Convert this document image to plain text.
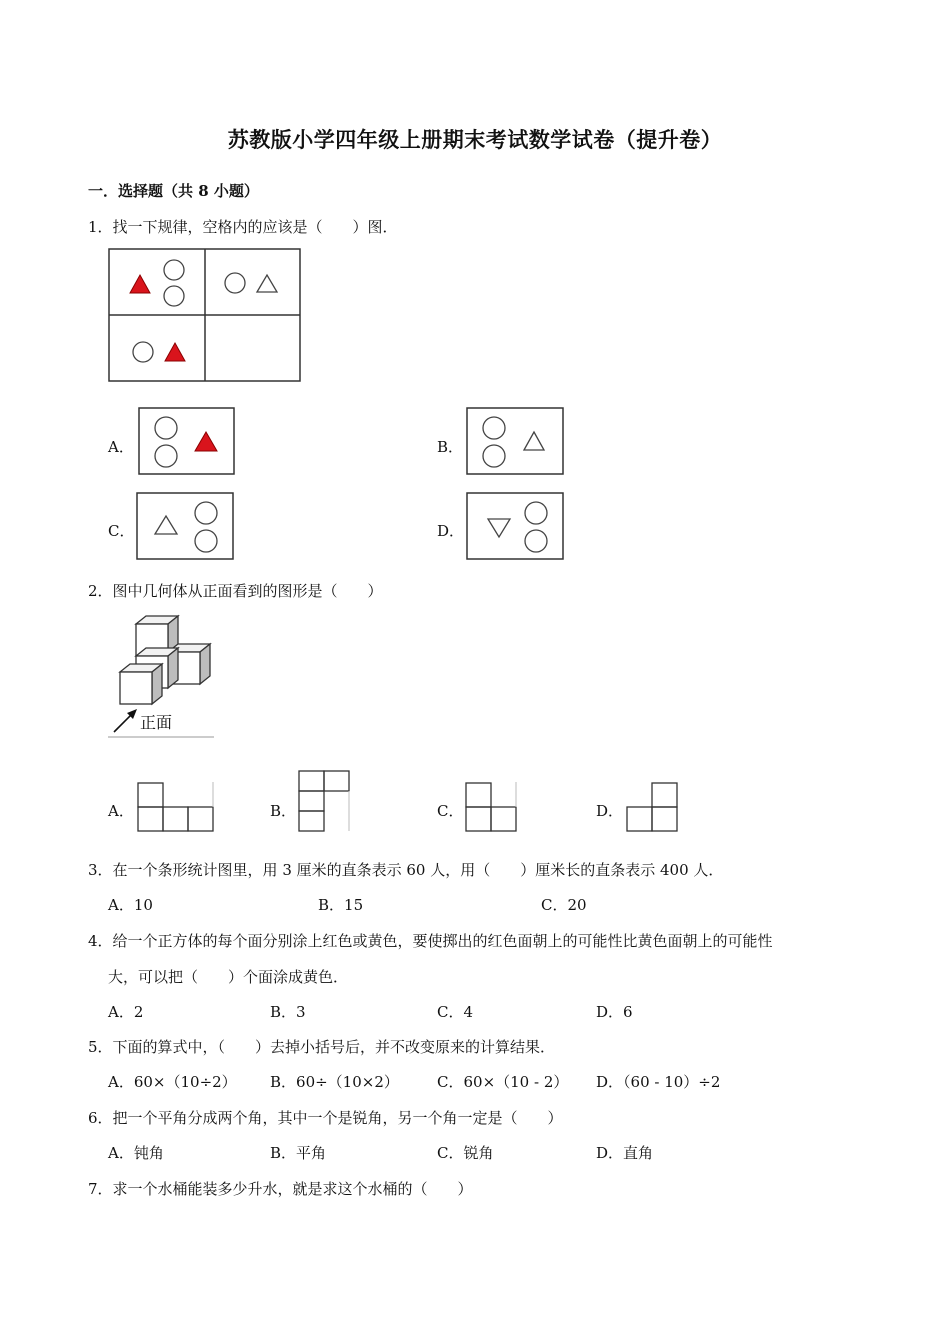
苏教版小学四年级上册期末考试数学试卷（提升卷）
一．选择题（共 8 小题）
1．找一下规律，空格内的应该是（　　）图．
A．	B．
C．	D．
2．图中几何体从正面看到的图形是（　　）
正面
A．	B．	C．	D．
3．在一个条形统计图里，用 3 厘米的直条表示 60 人，用（　　）厘米长的直条表示 400 人．
A．10	B．15	C．20
4．给一个正方体的每个面分别涂上红色或黄色，要使掷出的红色面朝上的可能性比黄色面朝上的可能性
大，可以把（　　）个面涂成黄色．
A．2	B．3	C．4	D．6
5．下面的算式中，（　　）去掉小括号后，并不改变原来的计算结果．
A．60×（10÷2） B．60÷（10×2）	C．60×（10 - 2） D．（60 - 10）÷2
6．把一个平角分成两个角，其中一个是锐角，另一个角一定是（　　）
A．钝角	B．平角	C．锐角	D．直角
7．求一个水桶能装多少升水，就是求这个水桶的（　　）
